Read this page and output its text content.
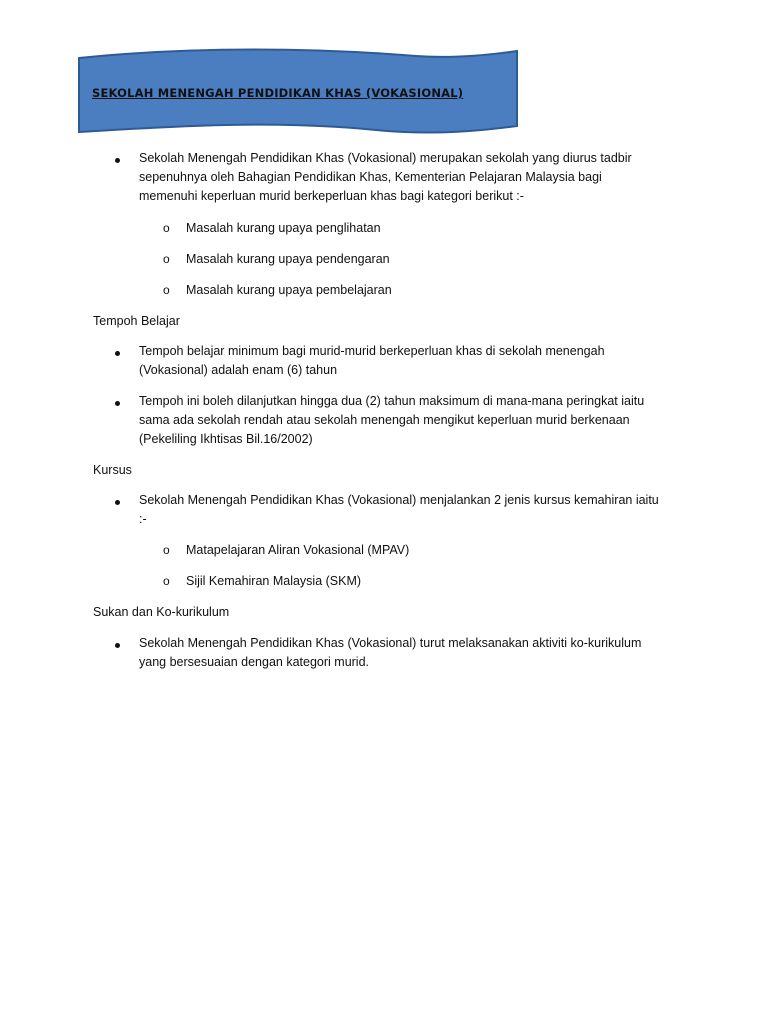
SEKOLAH MENENGAH PENDIDIKAN KHAS (VOKASIONAL)
Sekolah Menengah Pendidikan Khas (Vokasional) merupakan sekolah yang diurus tadbir
sepenuhnya oleh Bahagian Pendidikan Khas, Kementerian Pelajaran Malaysia bagi
memenuhi keperluan murid berkeperluan khas bagi kategori berikut :-
o Masalah kurang upaya penglihatan
o Masalah kurang upaya pendengaran
o Masalah kurang upaya pembelajaran
Tempoh Belajar
Tempoh belajar minimum bagi murid-murid berkeperluan khas di sekolah menengah
(Vokasional) adalah enam (6) tahun
Tempoh ini boleh dilanjutkan hingga dua (2) tahun maksimum di mana-mana peringkat iaitu
sama ada sekolah rendah atau sekolah menengah mengikut keperluan murid berkenaan
(Pekeliling Ikhtisas Bil.16/2002)
Kursus
Sekolah Menengah Pendidikan Khas (Vokasional) menjalankan 2 jenis kursus kemahiran iaitu
:-
o Matapelajaran Aliran Vokasional (MPAV)
o Sijil Kemahiran Malaysia (SKM)
Sukan dan Ko-kurikulum
Sekolah Menengah Pendidikan Khas (Vokasional) turut melaksanakan aktiviti ko-kurikulum
yang bersesuaian dengan kategori murid.
